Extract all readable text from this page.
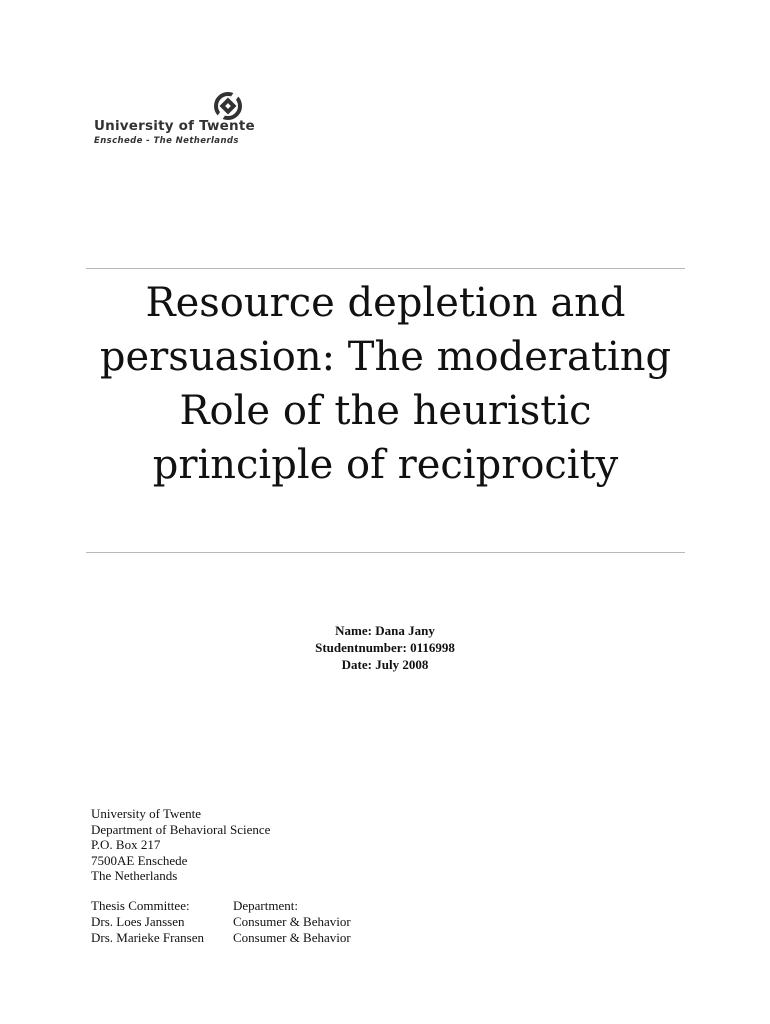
University of Twente
Enschede - The Netherlands
Resource depletion and persuasion: The moderating Role of the heuristic principle of reciprocity
Name: Dana Jany
Studentnumber: 0116998
Date: July 2008
University of Twente
Department of Behavioral Science
P.O. Box 217
7500AE Enschede
The Netherlands
Thesis Committee:	Department:
Drs. Loes Janssen	Consumer & Behavior
Drs. Marieke Fransen	Consumer & Behavior
